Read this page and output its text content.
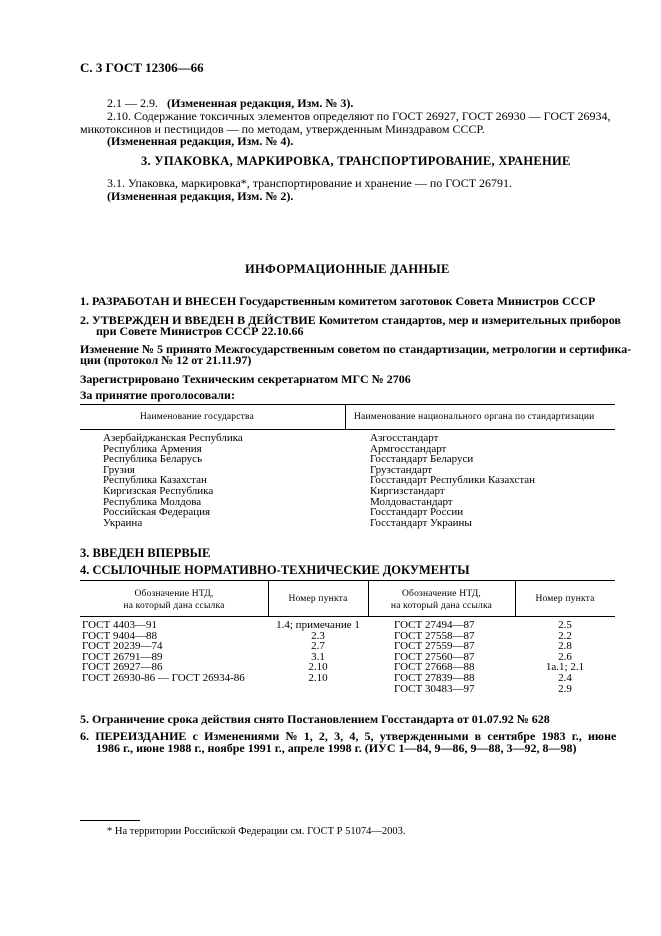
С. 3 ГОСТ 12306—66
2.1 — 2.9. (Измененная редакция, Изм. № 3).
2.10. Содержание токсичных элементов определяют по ГОСТ 26927, ГОСТ 26930 — ГОСТ 26934,
микотоксинов и пестицидов — по методам, утвержденным Минздравом СССР.
(Измененная редакция, Изм. № 4).
3. УПАКОВКА, МАРКИРОВКА, ТРАНСПОРТИРОВАНИЕ, ХРАНЕНИЕ
3.1. Упаковка, маркировка*, транспортирование и хранение — по ГОСТ 26791.
(Измененная редакция, Изм. № 2).
ИНФОРМАЦИОННЫЕ ДАННЫЕ
1. РАЗРАБОТАН И ВНЕСЕН Государственным комитетом заготовок Совета Министров СССР
2. УТВЕРЖДЕН И ВВЕДЕН В ДЕЙСТВИЕ Комитетом стандартов, мер и измерительных приборов
при Совете Министров СССР 22.10.66
Изменение № 5 принято Межгосударственным советом по стандартизации, метрологии и сертифика-
ции (протокол № 12 от 21.11.97)
Зарегистрировано Техническим секретариатом МГС № 2706
За принятие проголосовали:
Наименование государства	Наименование национального органа по стандартизации
Азербайджанская Республика
Республика Армения
Республика Беларусь
Грузия
Республика Казахстан
Киргизская Республика
Республика Молдова
Российская Федерация
Украина
Азгосстандарт
Армгосстандарт
Госстандарт Беларуси
Грузстандарт
Госстандарт Республики Казахстан
Киргизстандарт
Молдовастандарт
Госстандарт России
Госстандарт Украины
3. ВВЕДЕН ВПЕРВЫЕ
4. ССЫЛОЧНЫЕ НОРМАТИВНО-ТЕХНИЧЕСКИЕ ДОКУМЕНТЫ
Обозначение НТД,
на который дана ссылка
Номер пункта	Обозначение НТД,
на который дана ссылка
Номер пункта
ГОСТ 4403—91
ГОСТ 9404—88
ГОСТ 20239—74
ГОСТ 26791—89
ГОСТ 26927—86
ГОСТ 26930-86 — ГОСТ 26934-86
1.4; примечание 1
2.3
2.7
3.1
2.10
2.10
ГОСТ 27494—87
ГОСТ 27558—87
ГОСТ 27559—87
ГОСТ 27560—87
ГОСТ 27668—88
ГОСТ 27839—88
ГОСТ 30483—97
2.5
2.2
2.8
2.6
1а.1; 2.1
2.4
2.9
5. Ограничение срока действия снято Постановлением Госстандарта от 01.07.92 № 628
6. ПЕРЕИЗДАНИЕ с Изменениями № 1, 2, 3, 4, 5, утвержденными в сентябре 1983 г., июне
1986 г., июне 1988 г., ноябре 1991 г., апреле 1998 г. (ИУС 1—84, 9—86, 9—88, 3—92, 8—98)
* На территории Российской Федерации см. ГОСТ Р 51074—2003.
